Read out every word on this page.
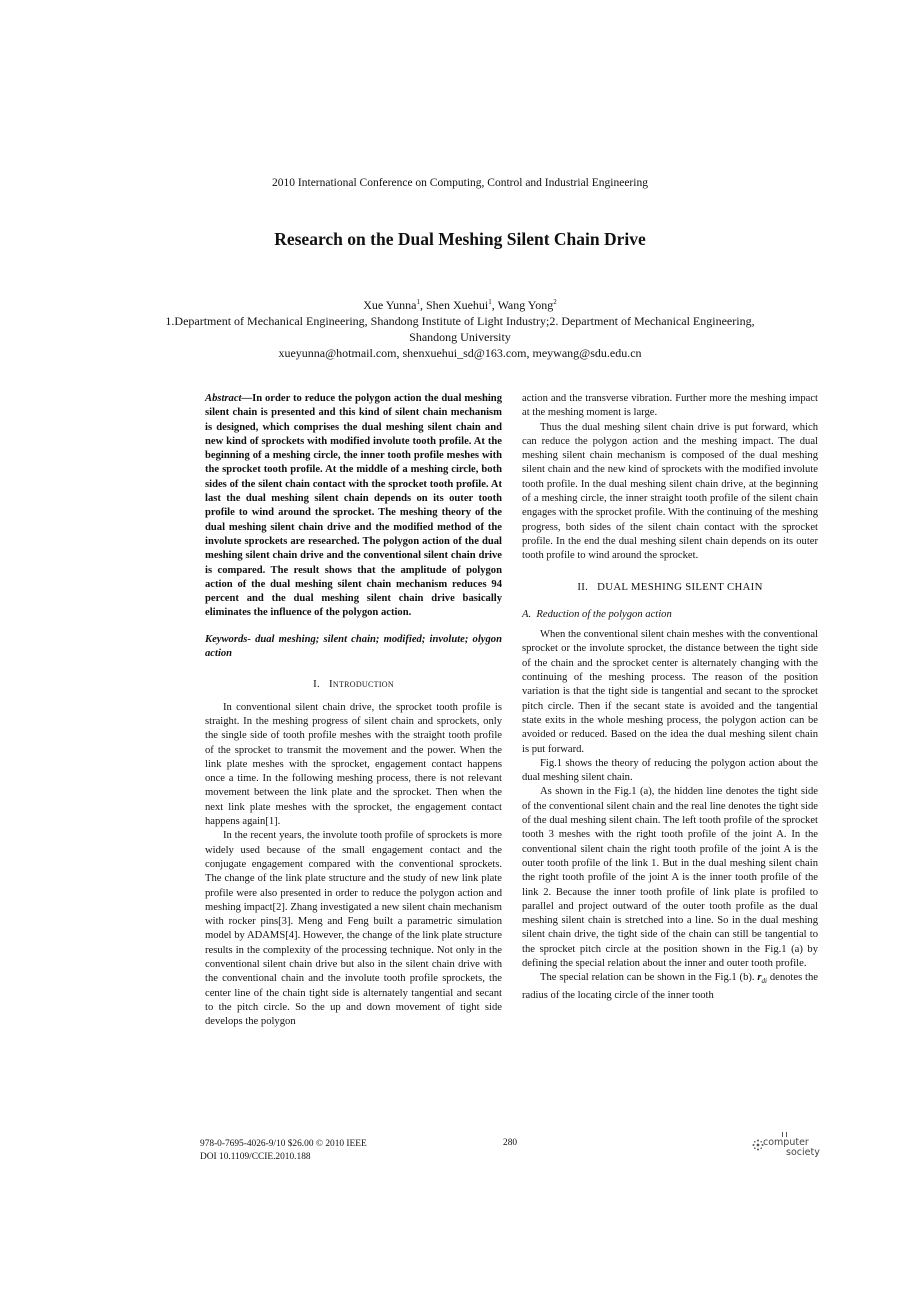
2010 International Conference on Computing, Control and Industrial Engineering
Research on the Dual Meshing Silent Chain Drive
Xue Yunna$^1$, Shen Xuehui$^1$, Wang Yong$^2$
1.Department of Mechanical Engineering, Shandong Institute of Light Industry;2. Department of Mechanical Engineering,
Shandong University
xueyunna@hotmail.com, shenxuehui_sd@163.com, meywang@sdu.edu.cn

Abstract—In order to reduce the polygon action the dual meshing silent chain is presented and this kind of silent chain mechanism is designed, which comprises the dual meshing silent chain and new kind of sprockets with modified involute tooth profile. At the beginning of a meshing circle, the inner tooth profile meshes with the sprocket tooth profile. At the middle of a meshing circle, both sides of the silent chain contact with the sprocket tooth profile. At last the dual meshing silent chain depends on its outer tooth profile to wind around the sprocket. The meshing theory of the dual meshing silent chain drive and the modified method of the involute sprockets are researched. The polygon action of the dual meshing silent chain drive and the conventional silent chain drive is compared. The result shows that the amplitude of polygon action of the dual meshing silent chain mechanism reduces 94 percent and the dual meshing silent chain drive basically eliminates the influence of the polygon action.

Keywords- dual meshing; silent chain; modified; involute; olygon action

I. Introduction

In conventional silent chain drive, the sprocket tooth profile is straight. In the meshing progress of silent chain and sprockets, only the single side of tooth profile meshes with the straight tooth profile of the sprocket to transmit the movement and the power. When the link plate meshes with the sprocket, engagement contact happens once a time. In the following meshing process, there is not relevant movement between the link plate and the sprocket. Then when the next link plate meshes with the sprocket, the engagement contact happens again[1].

In the recent years, the involute tooth profile of sprockets is more widely used because of the small engagement contact and the conjugate engagement compared with the conventional sprockets. The change of the link plate structure and the study of new link plate profile were also presented in order to reduce the polygon action and meshing impact[2]. Zhang investigated a new silent chain mechanism with rocker pins[3]. Meng and Feng built a parametric simulation model by ADAMS[4]. However, the change of the link plate structure results in the complexity of the processing technique. Not only in the conventional silent chain drive but also in the silent chain drive with the conventional chain and the involute tooth profile sprockets, the center line of the chain tight side is alternately tangential and secant to the pitch circle. So the up and down movement of tight side develops the polygon

action and the transverse vibration. Further more the meshing impact at the meshing moment is large.

Thus the dual meshing silent chain drive is put forward, which can reduce the polygon action and the meshing impact. The dual meshing silent chain mechanism is composed of the dual meshing silent chain and the new kind of sprockets with the modified involute tooth profile. In the dual meshing silent chain drive, at the beginning of a meshing circle, the inner straight tooth profile of the silent chain engages with the sprocket profile. With the continuing of the meshing progress, both sides of the silent chain contact with the sprocket profile. In the end the dual meshing silent chain depends on its outer tooth profile to wind around the sprocket.

II. DUAL MESHING SILENT CHAIN

A. Reduction of the polygon action

When the conventional silent chain meshes with the conventional sprocket or the involute sprocket, the distance between the tight side of the chain and the sprocket center is alternately changing with the continuing of the meshing process. The reason of the position variation is that the tight side is tangential and secant to the sprocket pitch circle. Then if the secant state is avoided and the tangential state exits in the whole meshing process, the polygon action can be avoided or reduced. Based on the idea the dual meshing silent chain is put forward.

Fig.1 shows the theory of reducing the polygon action about the dual meshing silent chain.

As shown in the Fig.1 (a), the hidden line denotes the tight side of the conventional silent chain and the real line denotes the tight side of the dual meshing silent chain. The left tooth profile of the sprocket tooth 3 meshes with the right tooth profile of the joint A. In the conventional silent chain the right tooth profile of the joint A is the outer tooth profile of the link 1. But in the dual meshing silent chain the right tooth profile of the joint A is the inner tooth profile of the link 2. Because the inner tooth profile of link plate is profiled to parallel and project outward of the outer tooth profile as the dual meshing silent chain is stretched into a line. So in the dual meshing silent chain drive, the tight side of the chain can still be tangential to the sprocket pitch circle at the position shown in the Fig.1 (a) by defining the special relation about the inner and outer tooth profile.

The special relation can be shown in the Fig.1 (b). $r_{di}$ denotes the radius of the locating circle of the inner tooth

978-0-7695-4026-9/10 $26.00 © 2010 IEEE
DOI 10.1109/CCIE.2010.188
280	computer
society
